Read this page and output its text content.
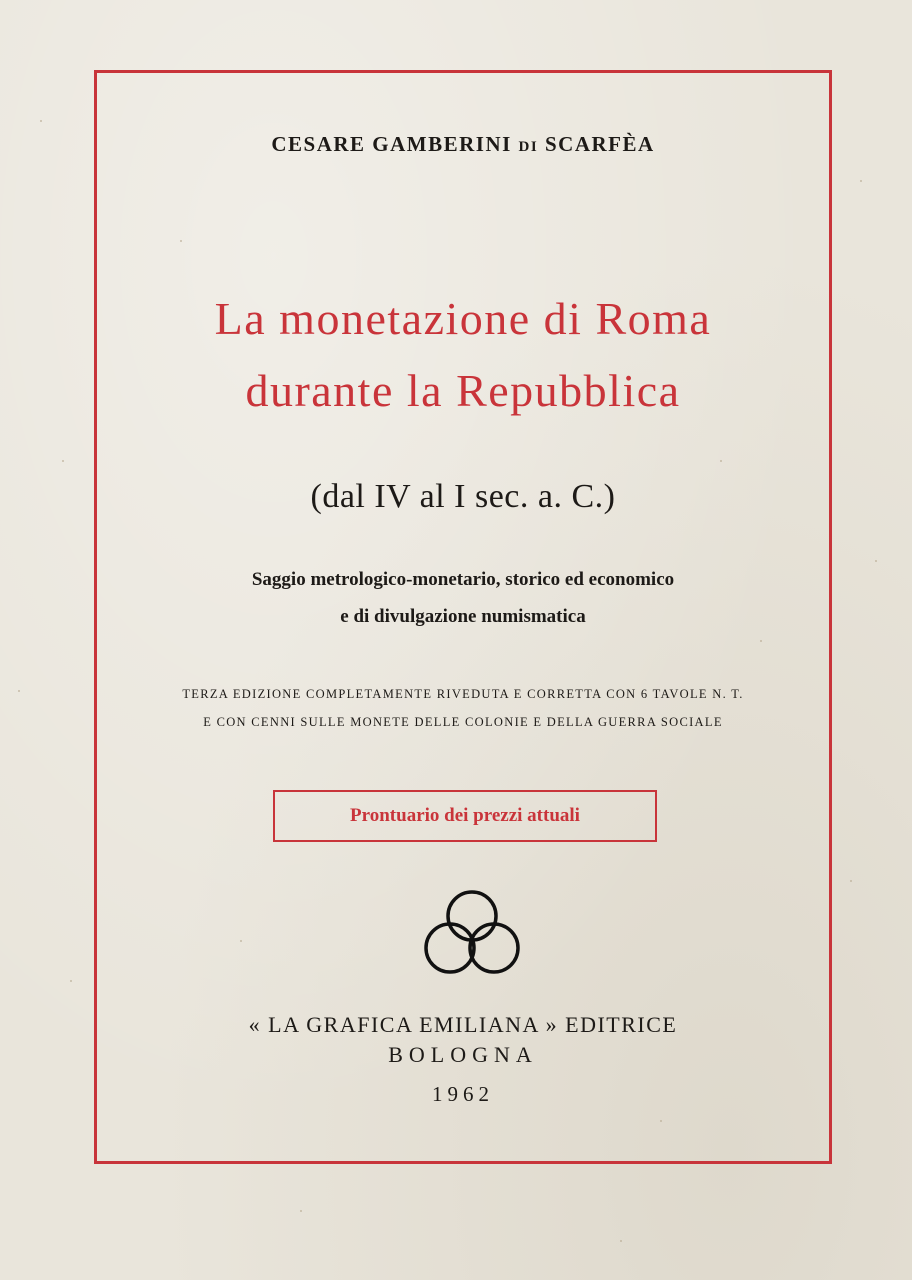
CESARE GAMBERINI di SCARFÈA
La monetazione di Roma
durante la Repubblica
(dal IV al I sec. a. C.)
Saggio metrologico-monetario, storico ed economico
e di divulgazione numismatica
TERZA EDIZIONE COMPLETAMENTE RIVEDUTA E CORRETTA CON 6 TAVOLE N. T.
E CON CENNI SULLE MONETE DELLE COLONIE E DELLA GUERRA SOCIALE
Prontuario dei prezzi attuali
« LA GRAFICA EMILIANA » EDITRICE
BOLOGNA
1962
